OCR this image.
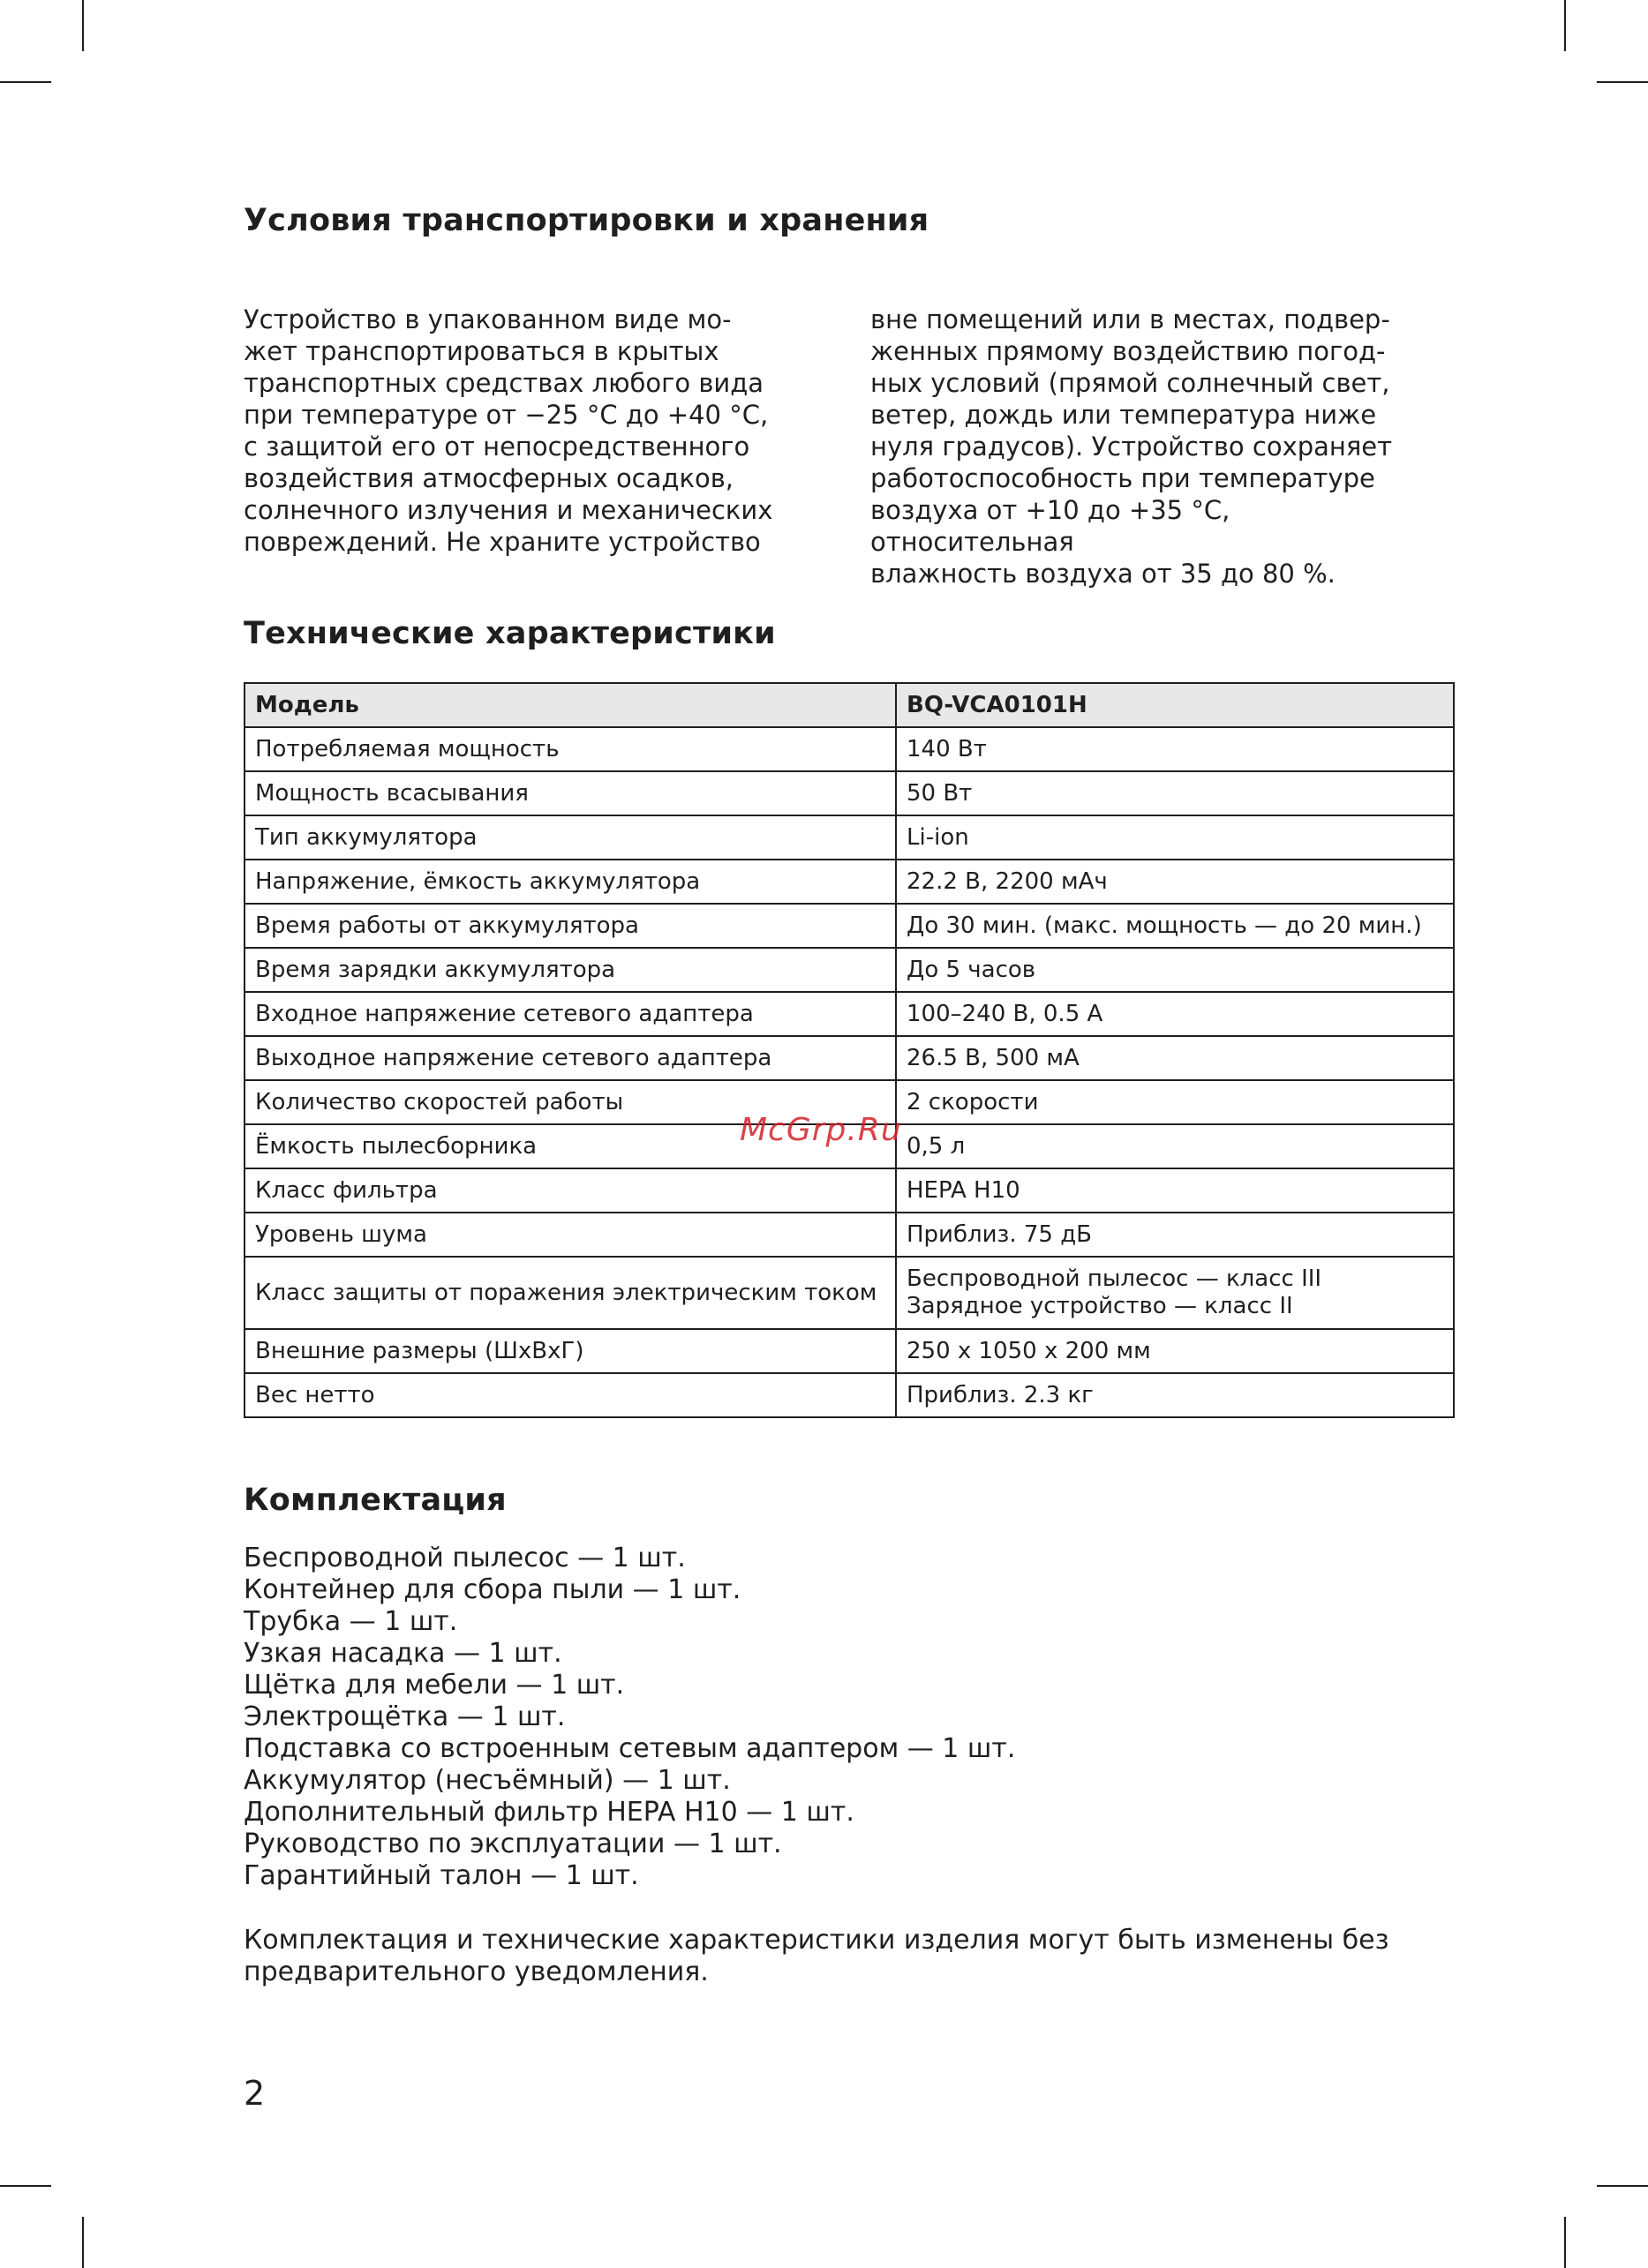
Условия транспортировки и хранения
Устройство в упакованном виде мо-
жет транспортироваться в крытых
транспортных средствах любого вида
при температуре от −25 °С до +40 °С,
с защитой его от непосредственного
воздействия атмосферных осадков,
солнечного излучения и механических
повреждений. Не храните устройство
вне помещений или в местах, подвер-
женных прямому воздействию погод-
ных условий (прямой солнечный свет,
ветер, дождь или температура ниже
нуля градусов). Устройство сохраняет
работоспособность при температуре
воздуха от +10 до +35 °С, относительная
влажность воздуха от 35 до 80 %.
Технические характеристики
Модель	BQ-VCA0101H
Потребляемая мощность	140 Вт
Мощность всасывания	50 Вт
Тип аккумулятора	Li-ion
Напряжение, ёмкость аккумулятора	22.2 В, 2200 мАч
Время работы от аккумулятора	До 30 мин. (макс. мощность — до 20 мин.)
Время зарядки аккумулятора	До 5 часов
Входное напряжение сетевого адаптера	100–240 В, 0.5 А
Выходное напряжение сетевого адаптера	26.5 В, 500 мА
Количество скоростей работы	2 скорости
Ёмкость пылесборника	0,5 л
Класс фильтра	HEPA H10
Уровень шума	Приблиз. 75 дБ
Класс защиты от поражения электрическим током	Беспроводной пылесос — класс III
Зарядное устройство — класс II
Внешние размеры (ШхВхГ)	250 х 1050 х 200 мм
Вес нетто	Приблиз. 2.3 кг
Комплектация
Беспроводной пылесос — 1 шт.
Контейнер для сбора пыли — 1 шт.
Трубка — 1 шт.
Узкая насадка — 1 шт.
Щётка для мебели — 1 шт.
Электрощётка — 1 шт.
Подставка со встроенным сетевым адаптером — 1 шт.
Аккумулятор (несъёмный) — 1 шт.
Дополнительный фильтр HEPA H10 — 1 шт.
Руководство по эксплуатации — 1 шт.
Гарантийный талон — 1 шт.
Комплектация и технические характеристики изделия могут быть изменены без
предварительного уведомления.
McGrp.Ru
2
